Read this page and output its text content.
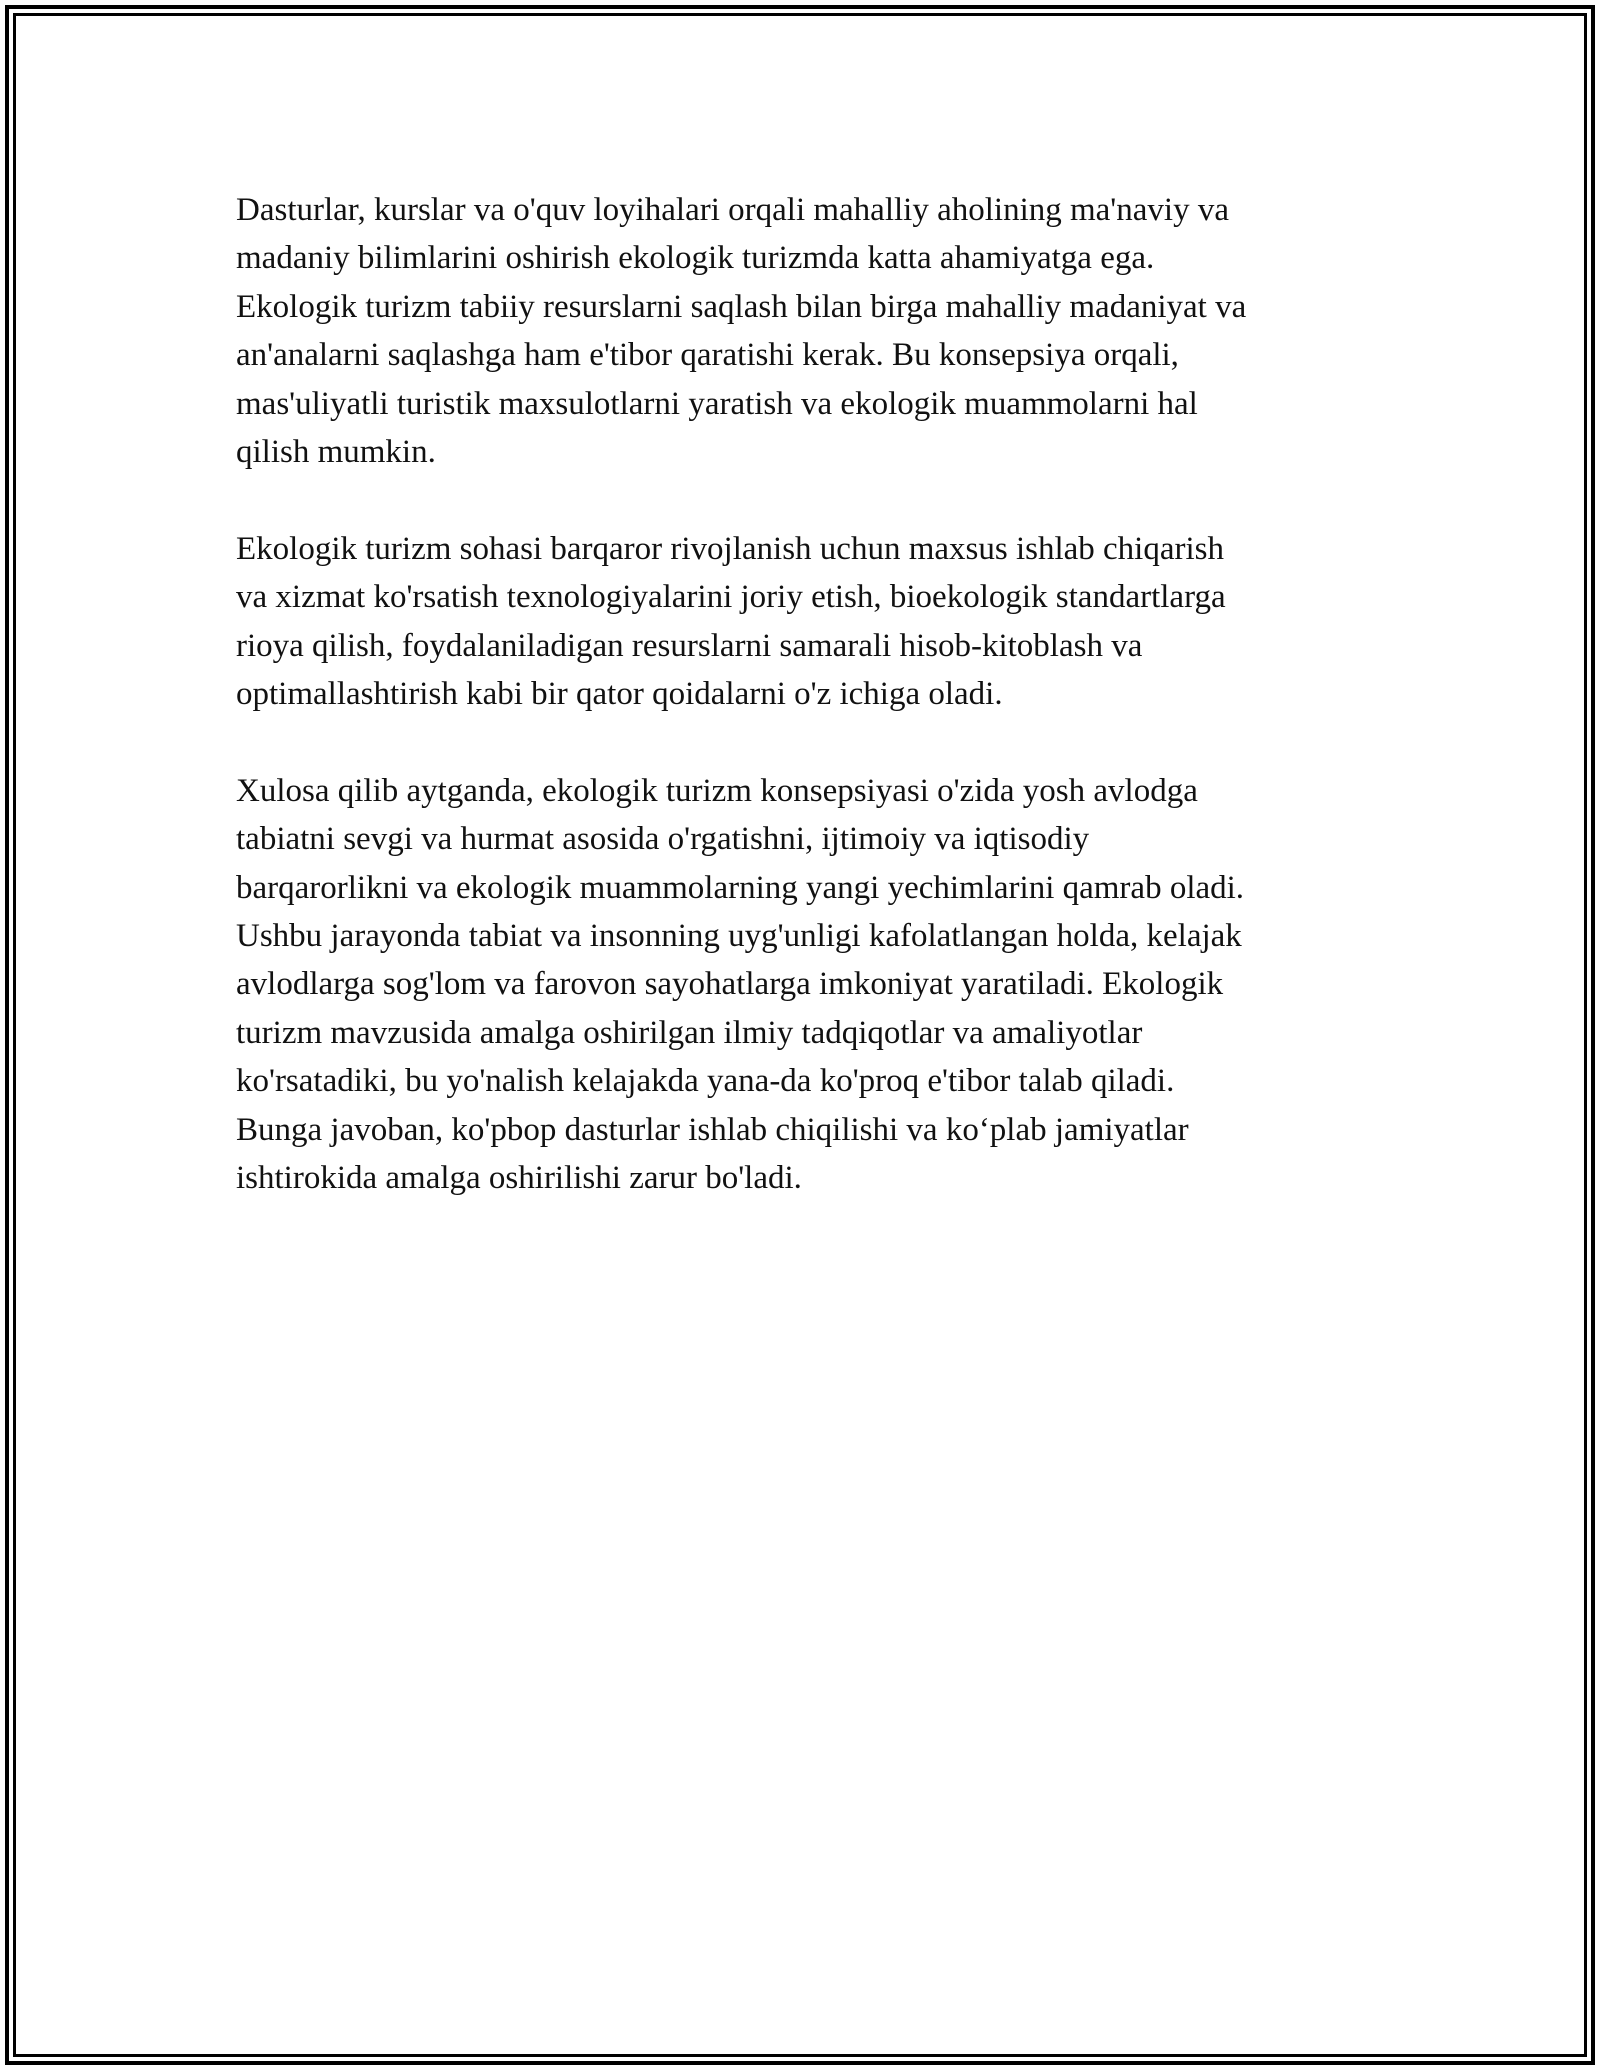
Dasturlar, kurslar va o'quv loyihalari orqali mahalliy aholining ma'naviy va
madaniy bilimlarini oshirish ekologik turizmda katta ahamiyatga ega.
Ekologik turizm tabiiy resurslarni saqlash bilan birga mahalliy madaniyat va
an'analarni saqlashga ham e'tibor qaratishi kerak. Bu konsepsiya orqali,
mas'uliyatli turistik maxsulotlarni yaratish va ekologik muammolarni hal
qilish mumkin.

Ekologik turizm sohasi barqaror rivojlanish uchun maxsus ishlab chiqarish
va xizmat ko'rsatish texnologiyalarini joriy etish, bioekologik standartlarga
rioya qilish, foydalaniladigan resurslarni samarali hisob-kitoblash va
optimallashtirish kabi bir qator qoidalarni o'z ichiga oladi.

Xulosa qilib aytganda, ekologik turizm konsepsiyasi o'zida yosh avlodga
tabiatni sevgi va hurmat asosida o'rgatishni, ijtimoiy va iqtisodiy
barqarorlikni va ekologik muammolarning yangi yechimlarini qamrab oladi.
Ushbu jarayonda tabiat va insonning uyg'unligi kafolatlangan holda, kelajak
avlodlarga sog'lom va farovon sayohatlarga imkoniyat yaratiladi. Ekologik
turizm mavzusida amalga oshirilgan ilmiy tadqiqotlar va amaliyotlar
ko'rsatadiki, bu yo'nalish kelajakda yana-da ko'proq e'tibor talab qiladi.
Bunga javoban, ko'pbop dasturlar ishlab chiqilishi va ko‘plab jamiyatlar
ishtirokida amalga oshirilishi zarur bo'ladi.
